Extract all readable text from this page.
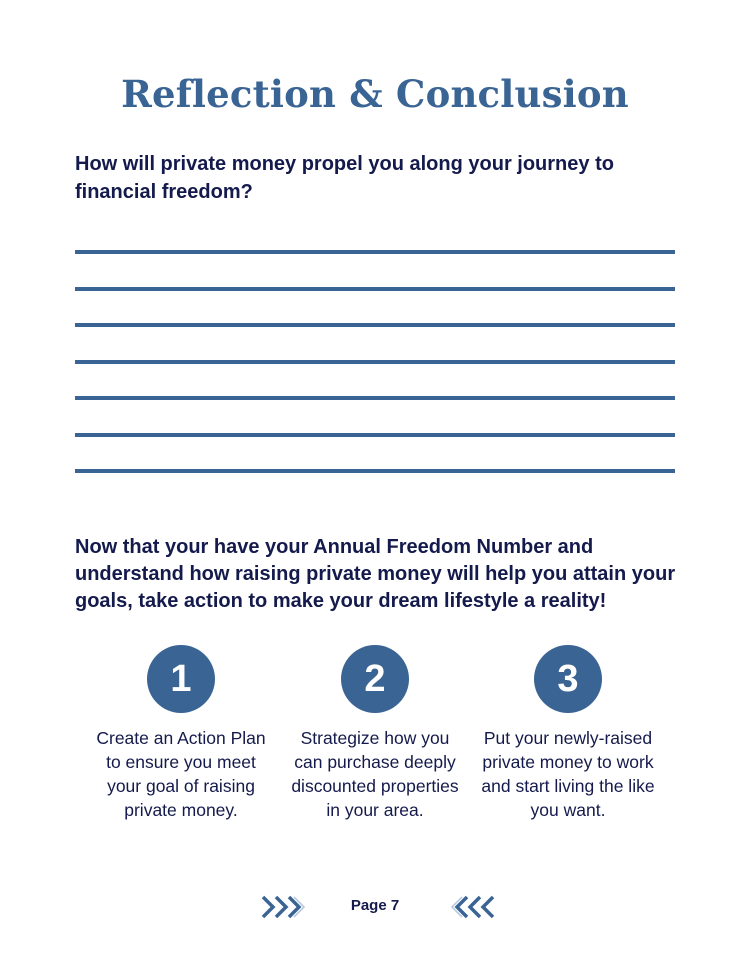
Reflection & Conclusion

How will private money propel you along your journey to financial freedom?

Now that your have your Annual Freedom Number and understand how raising private money will help you attain your goals, take action to make your dream lifestyle a reality!

1
Create an Action Plan to ensure you meet your goal of raising private money.
2
Strategize how you can purchase deeply discounted properties in your area.
3
Put your newly-raised private money to work and start living the like you want.
Page 7
